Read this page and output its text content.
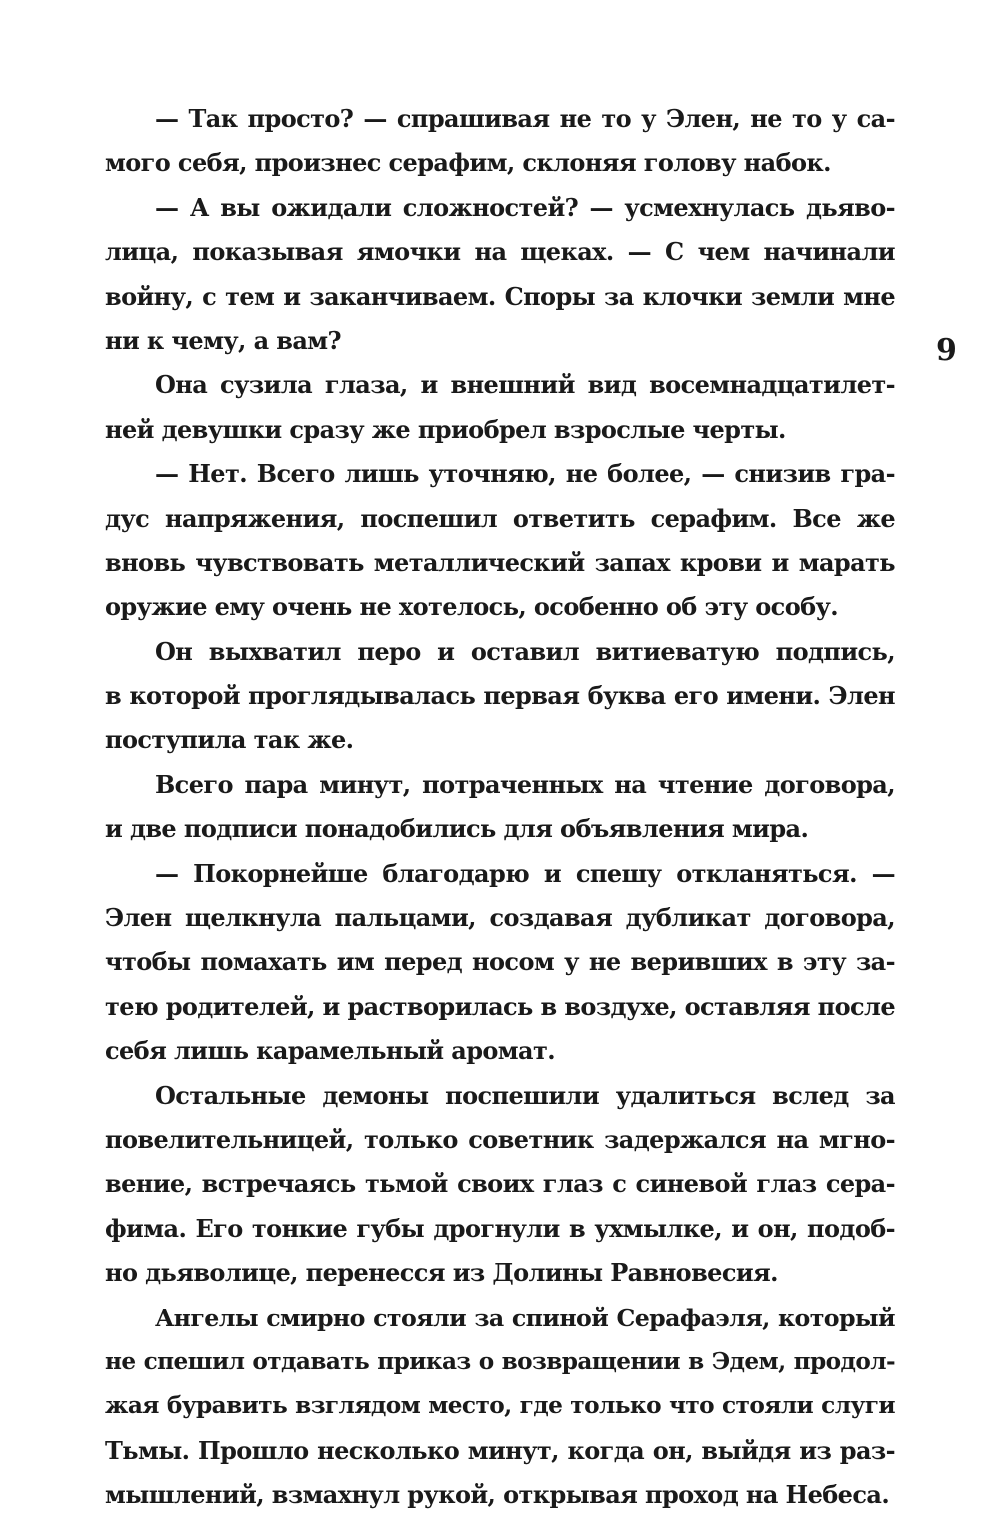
9
— Так просто? — спрашивая не то у Элен, не то у са-
мого себя, произнес серафим, склоняя голову набок.
— А вы ожидали сложностей? — усмехнулась дьяво-
лица, показывая ямочки на щеках. — С чем начинали
войну, с тем и заканчиваем. Споры за клочки земли мне
ни к чему, а вам?
Она сузила глаза, и внешний вид восемнадцатилет-
ней девушки сразу же приобрел взрослые черты.
— Нет. Всего лишь уточняю, не более, — снизив гра-
дус напряжения, поспешил ответить серафим. Все же
вновь чувствовать металлический запах крови и марать
оружие ему очень не хотелось, особенно об эту особу.
Он выхватил перо и оставил витиеватую подпись,
в которой проглядывалась первая буква его имени. Элен
поступила так же.
Всего пара минут, потраченных на чтение договора,
и две подписи понадобились для объявления мира.
— Покорнейше благодарю и спешу откланяться. —
Элен щелкнула пальцами, создавая дубликат договора,
чтобы помахать им перед носом у не веривших в эту за-
тею родителей, и растворилась в воздухе, оставляя после
себя лишь карамельный аромат.
Остальные демоны поспешили удалиться вслед за
повелительницей, только советник задержался на мгно-
вение, встречаясь тьмой своих глаз с синевой глаз сера-
фима. Его тонкие губы дрогнули в ухмылке, и он, подоб-
но дьяволице, перенесся из Долины Равновесия.
Ангелы смирно стояли за спиной Серафаэля, который
не спешил отдавать приказ о возвращении в Эдем, продол-
жая буравить взглядом место, где только что стояли слуги
Тьмы. Прошло несколько минут, когда он, выйдя из раз-
мышлений, взмахнул рукой, открывая проход на Небеса.
